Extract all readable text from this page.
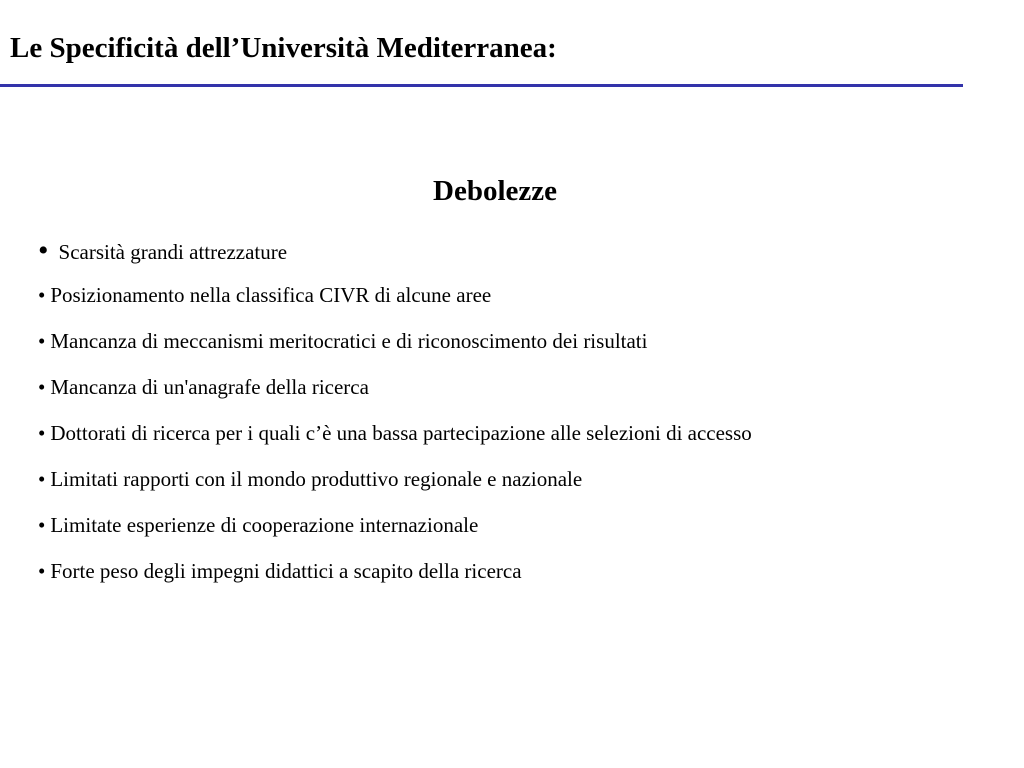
Le Specificità dell’Università Mediterranea:
Debolezze
• Scarsità grandi attrezzature
• Posizionamento nella classifica CIVR di alcune aree
• Mancanza di meccanismi meritocratici e di riconoscimento dei risultati
• Mancanza di un'anagrafe della ricerca
• Dottorati di ricerca per i quali c’è una bassa partecipazione alle selezioni di accesso
• Limitati rapporti con il mondo produttivo regionale e nazionale
• Limitate esperienze di cooperazione internazionale
• Forte peso degli impegni didattici a scapito della ricerca
